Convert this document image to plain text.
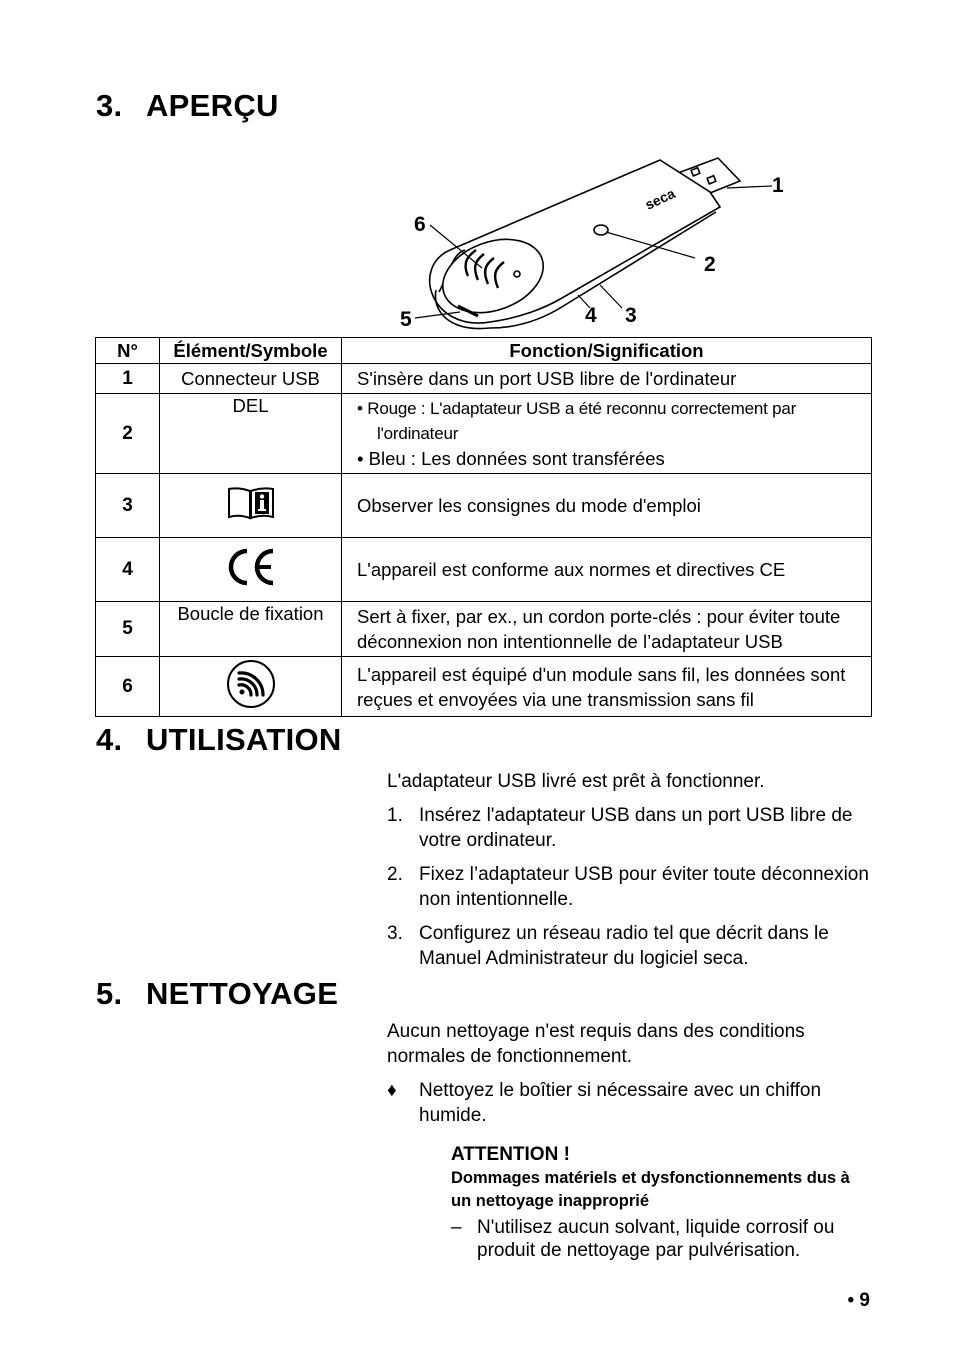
3. APERÇU
seca	1
2
3
4
5
6
N°	Élément/Symbole	Fonction/Signification
1	Connecteur USB	S'insère dans un port USB libre de l'ordinateur
2	DEL	• Rouge : L'adaptateur USB a été reconnu correctement par l'ordinateur
• Bleu : Les données sont transférées

3		Observer les consignes du mode d'emploi
4		L'appareil est conforme aux normes et directives CE
5	Boucle de fixation	Sert à fixer, par ex., un cordon porte-clés : pour éviter toute déconnexion non intentionnelle de l’adaptateur USB
6		L'appareil est équipé d'un module sans fil, les données sont reçues et envoyées via une transmission sans fil
4. UTILISATION
L'adaptateur USB livré est prêt à fonctionner.
1. Insérez l'adaptateur USB dans un port USB libre de votre ordinateur.
2. Fixez l’adaptateur USB pour éviter toute déconnexion non intentionnelle.
3. Configurez un réseau radio tel que décrit dans le Manuel Administrateur du logiciel seca.
5. NETTOYAGE
Aucun nettoyage n'est requis dans des conditions normales de fonctionnement.
♦	Nettoyez le boîtier si nécessaire avec un chiffon humide.
ATTENTION !
Dommages matériels et dysfonctionnements dus à un nettoyage inapproprié
– N'utilisez aucun solvant, liquide corrosif ou produit de nettoyage par pulvérisation.
• 9
